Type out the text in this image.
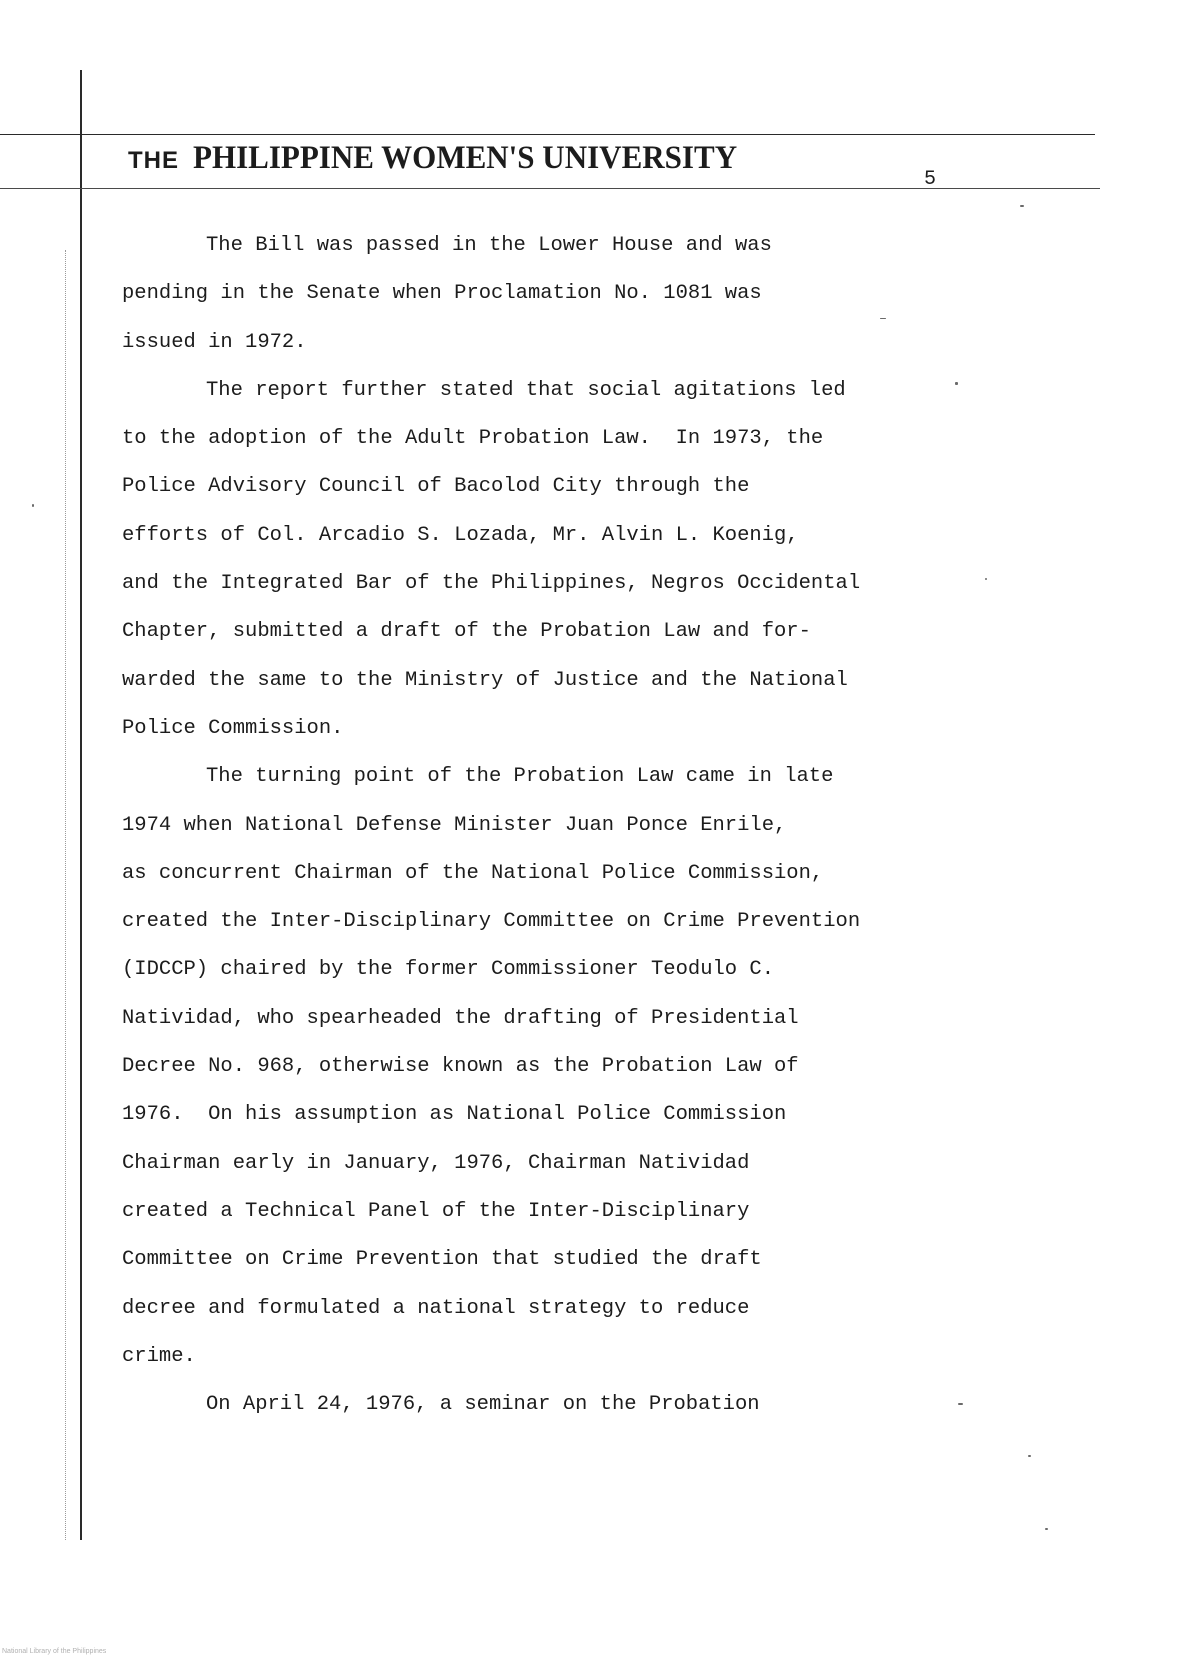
THE PHILIPPINE WOMEN'S UNIVERSITY
5
The Bill was passed in the Lower House and was
pending in the Senate when Proclamation No. 1081 was
issued in 1972.
The report further stated that social agitations led
to the adoption of the Adult Probation Law.  In 1973, the
Police Advisory Council of Bacolod City through the
efforts of Col. Arcadio S. Lozada, Mr. Alvin L. Koenig,
and the Integrated Bar of the Philippines, Negros Occidental
Chapter, submitted a draft of the Probation Law and for-
warded the same to the Ministry of Justice and the National
Police Commission.
The turning point of the Probation Law came in late
1974 when National Defense Minister Juan Ponce Enrile,
as concurrent Chairman of the National Police Commission,
created the Inter-Disciplinary Committee on Crime Prevention
(IDCCP) chaired by the former Commissioner Teodulo C.
Natividad, who spearheaded the drafting of Presidential
Decree No. 968, otherwise known as the Probation Law of
1976.  On his assumption as National Police Commission
Chairman early in January, 1976, Chairman Natividad
created a Technical Panel of the Inter-Disciplinary
Committee on Crime Prevention that studied the draft
decree and formulated a national strategy to reduce
crime.
On April 24, 1976, a seminar on the Probation
National Library of the Philippines
